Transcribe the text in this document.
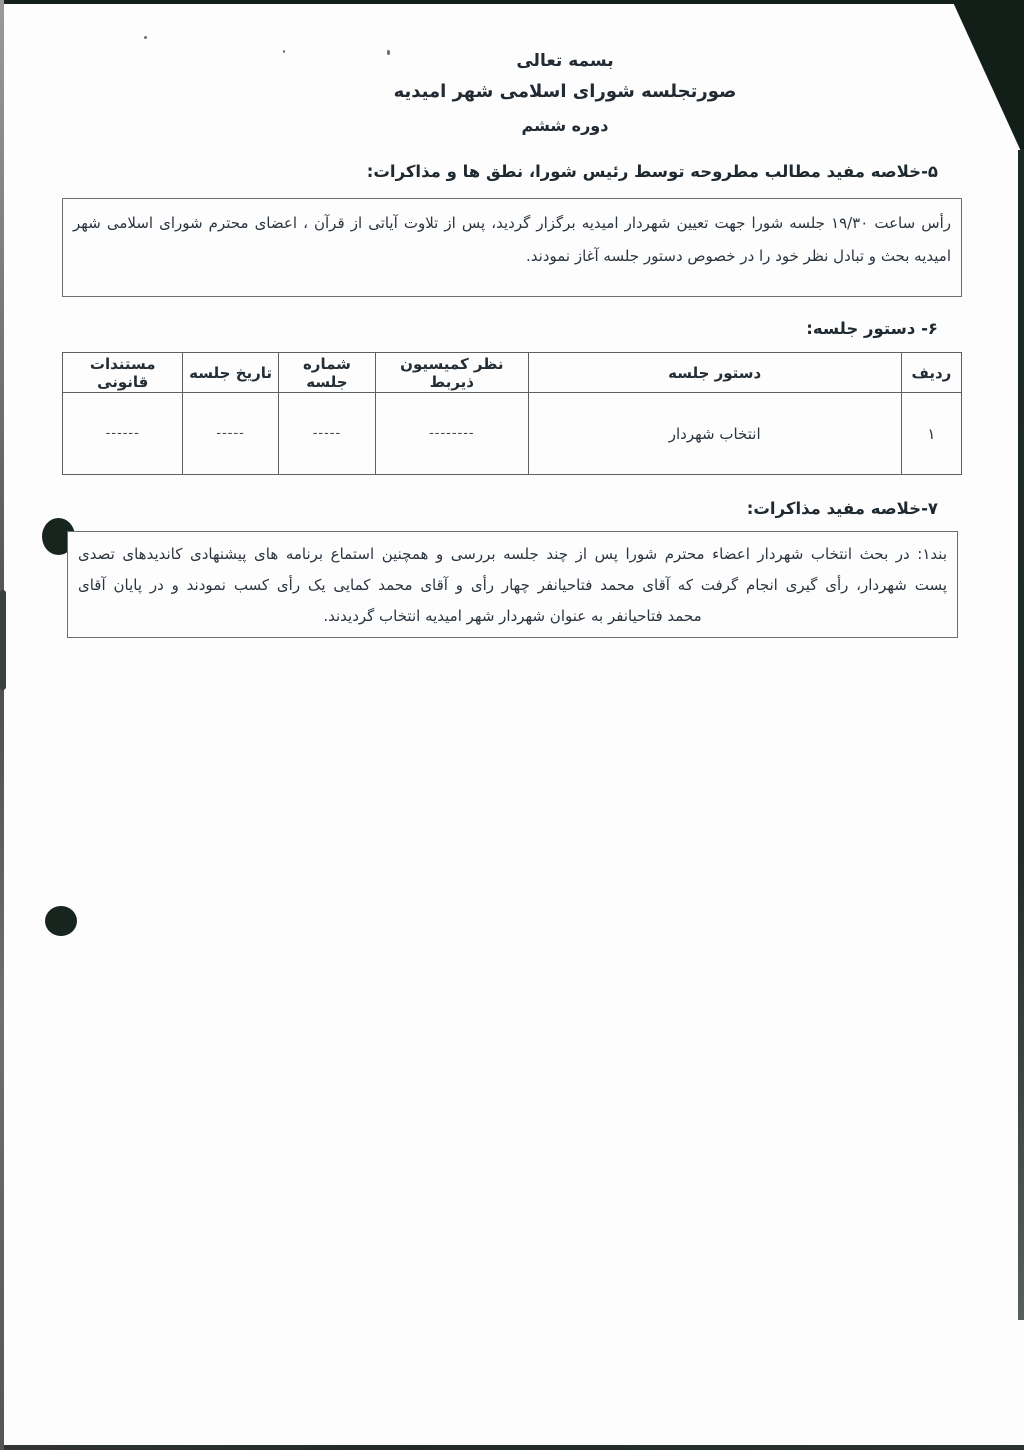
بسمه تعالی

صورتجلسه شورای اسلامی شهر امیدیه

دوره ششم

۵-خلاصه مفید مطالب مطروحه توسط رئیس شورا، نطق ها و مذاکرات:
رأس ساعت ۱۹/۳۰ جلسه شورا جهت تعیین شهردار امیدیه برگزار گردید، پس از تلاوت آیاتی از قرآن ، اعضای محترم شورای اسلامی شهر
امیدیه بحث و تبادل نظر خود را در خصوص دستور جلسه آغاز نمودند.
۶- دستور جلسه:
ردیف	دستور جلسه	نظر کمیسیون ذیربط	شماره جلسه	تاریخ جلسه	مستندات قانونی
۱	انتخاب شهردار	--------	-----	-----	------
۷-خلاصه مفید مذاکرات:
بند۱: در بحث انتخاب شهردار اعضاء محترم شورا پس از چند جلسه بررسی و همچنین استماع برنامه های پیشنهادی کاندیدهای تصدی
پست شهردار، رأی گیری انجام گرفت که آقای محمد فتاحیانفر چهار رأی و آقای محمد کمایی یک رأی کسب نمودند و در پایان آقای
محمد فتاحیانفر به عنوان شهردار شهر امیدیه انتخاب گردیدند.
